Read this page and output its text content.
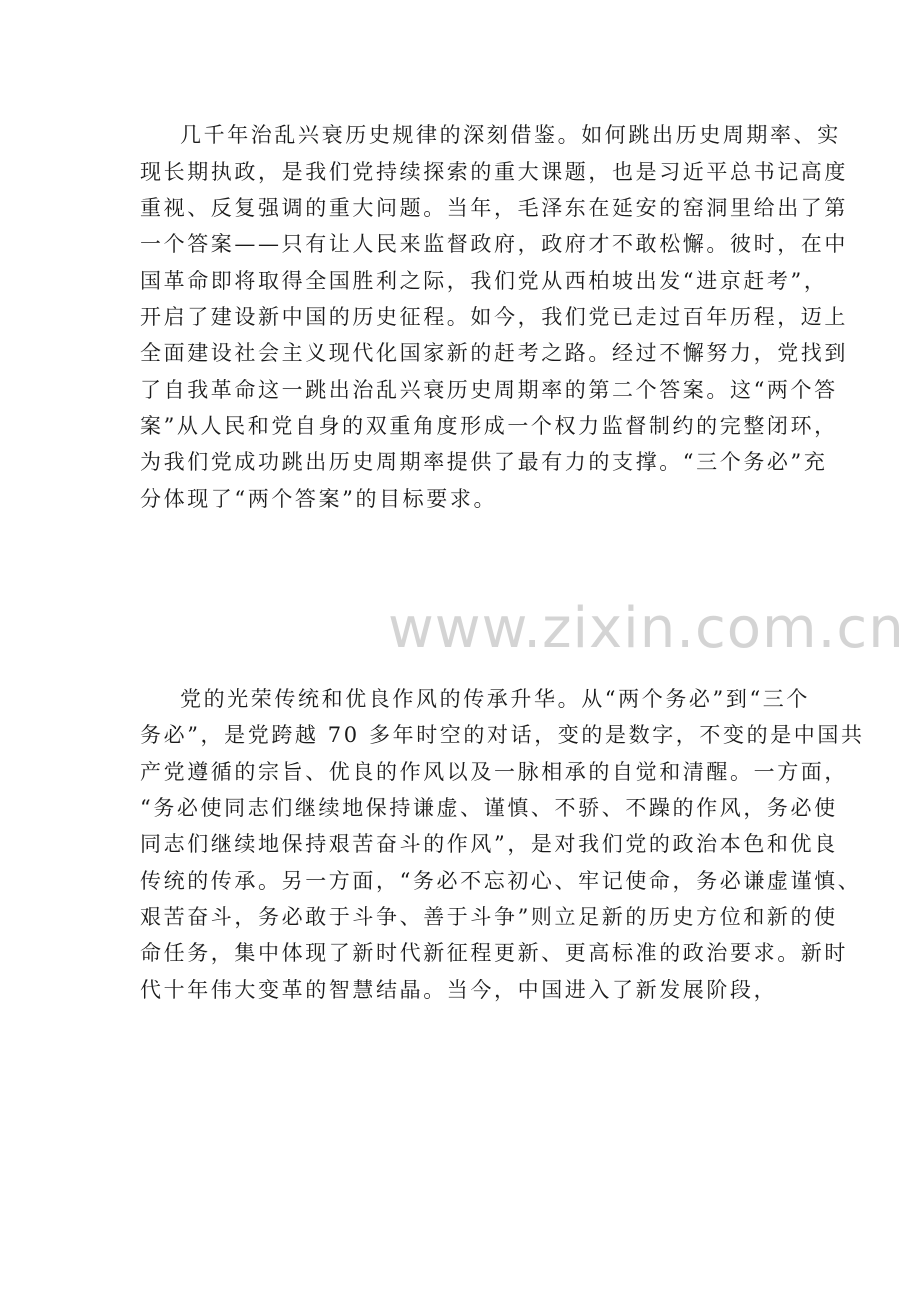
几千年治乱兴衰历史规律的深刻借鉴。如何跳出历史周期率、实
现长期执政，是我们党持续探索的重大课题，也是习近平总书记高度
重视、反复强调的重大问题。当年，毛泽东在延安的窑洞里给出了第
一个答案——只有让人民来监督政府，政府才不敢松懈。彼时，在中
国革命即将取得全国胜利之际，我们党从西柏坡出发“进京赶考”，
开启了建设新中国的历史征程。如今，我们党已走过百年历程，迈上
全面建设社会主义现代化国家新的赶考之路。经过不懈努力，党找到
了自我革命这一跳出治乱兴衰历史周期率的第二个答案。这“两个答
案”从人民和党自身的双重角度形成一个权力监督制约的完整闭环，
为我们党成功跳出历史周期率提供了最有力的支撑。“三个务必”充
分体现了“两个答案”的目标要求。
www.zixin.com.cn
党的光荣传统和优良作风的传承升华。从“两个务必”到“三个
务必”，是党跨越 70 多年时空的对话，变的是数字，不变的是中国共
产党遵循的宗旨、优良的作风以及一脉相承的自觉和清醒。一方面，
“务必使同志们继续地保持谦虚、谨慎、不骄、不躁的作风，务必使
同志们继续地保持艰苦奋斗的作风”，是对我们党的政治本色和优良
传统的传承。另一方面，“务必不忘初心、牢记使命，务必谦虚谨慎、
艰苦奋斗，务必敢于斗争、善于斗争”则立足新的历史方位和新的使
命任务，集中体现了新时代新征程更新、更高标准的政治要求。新时
代十年伟大变革的智慧结晶。当今，中国进入了新发展阶段，
